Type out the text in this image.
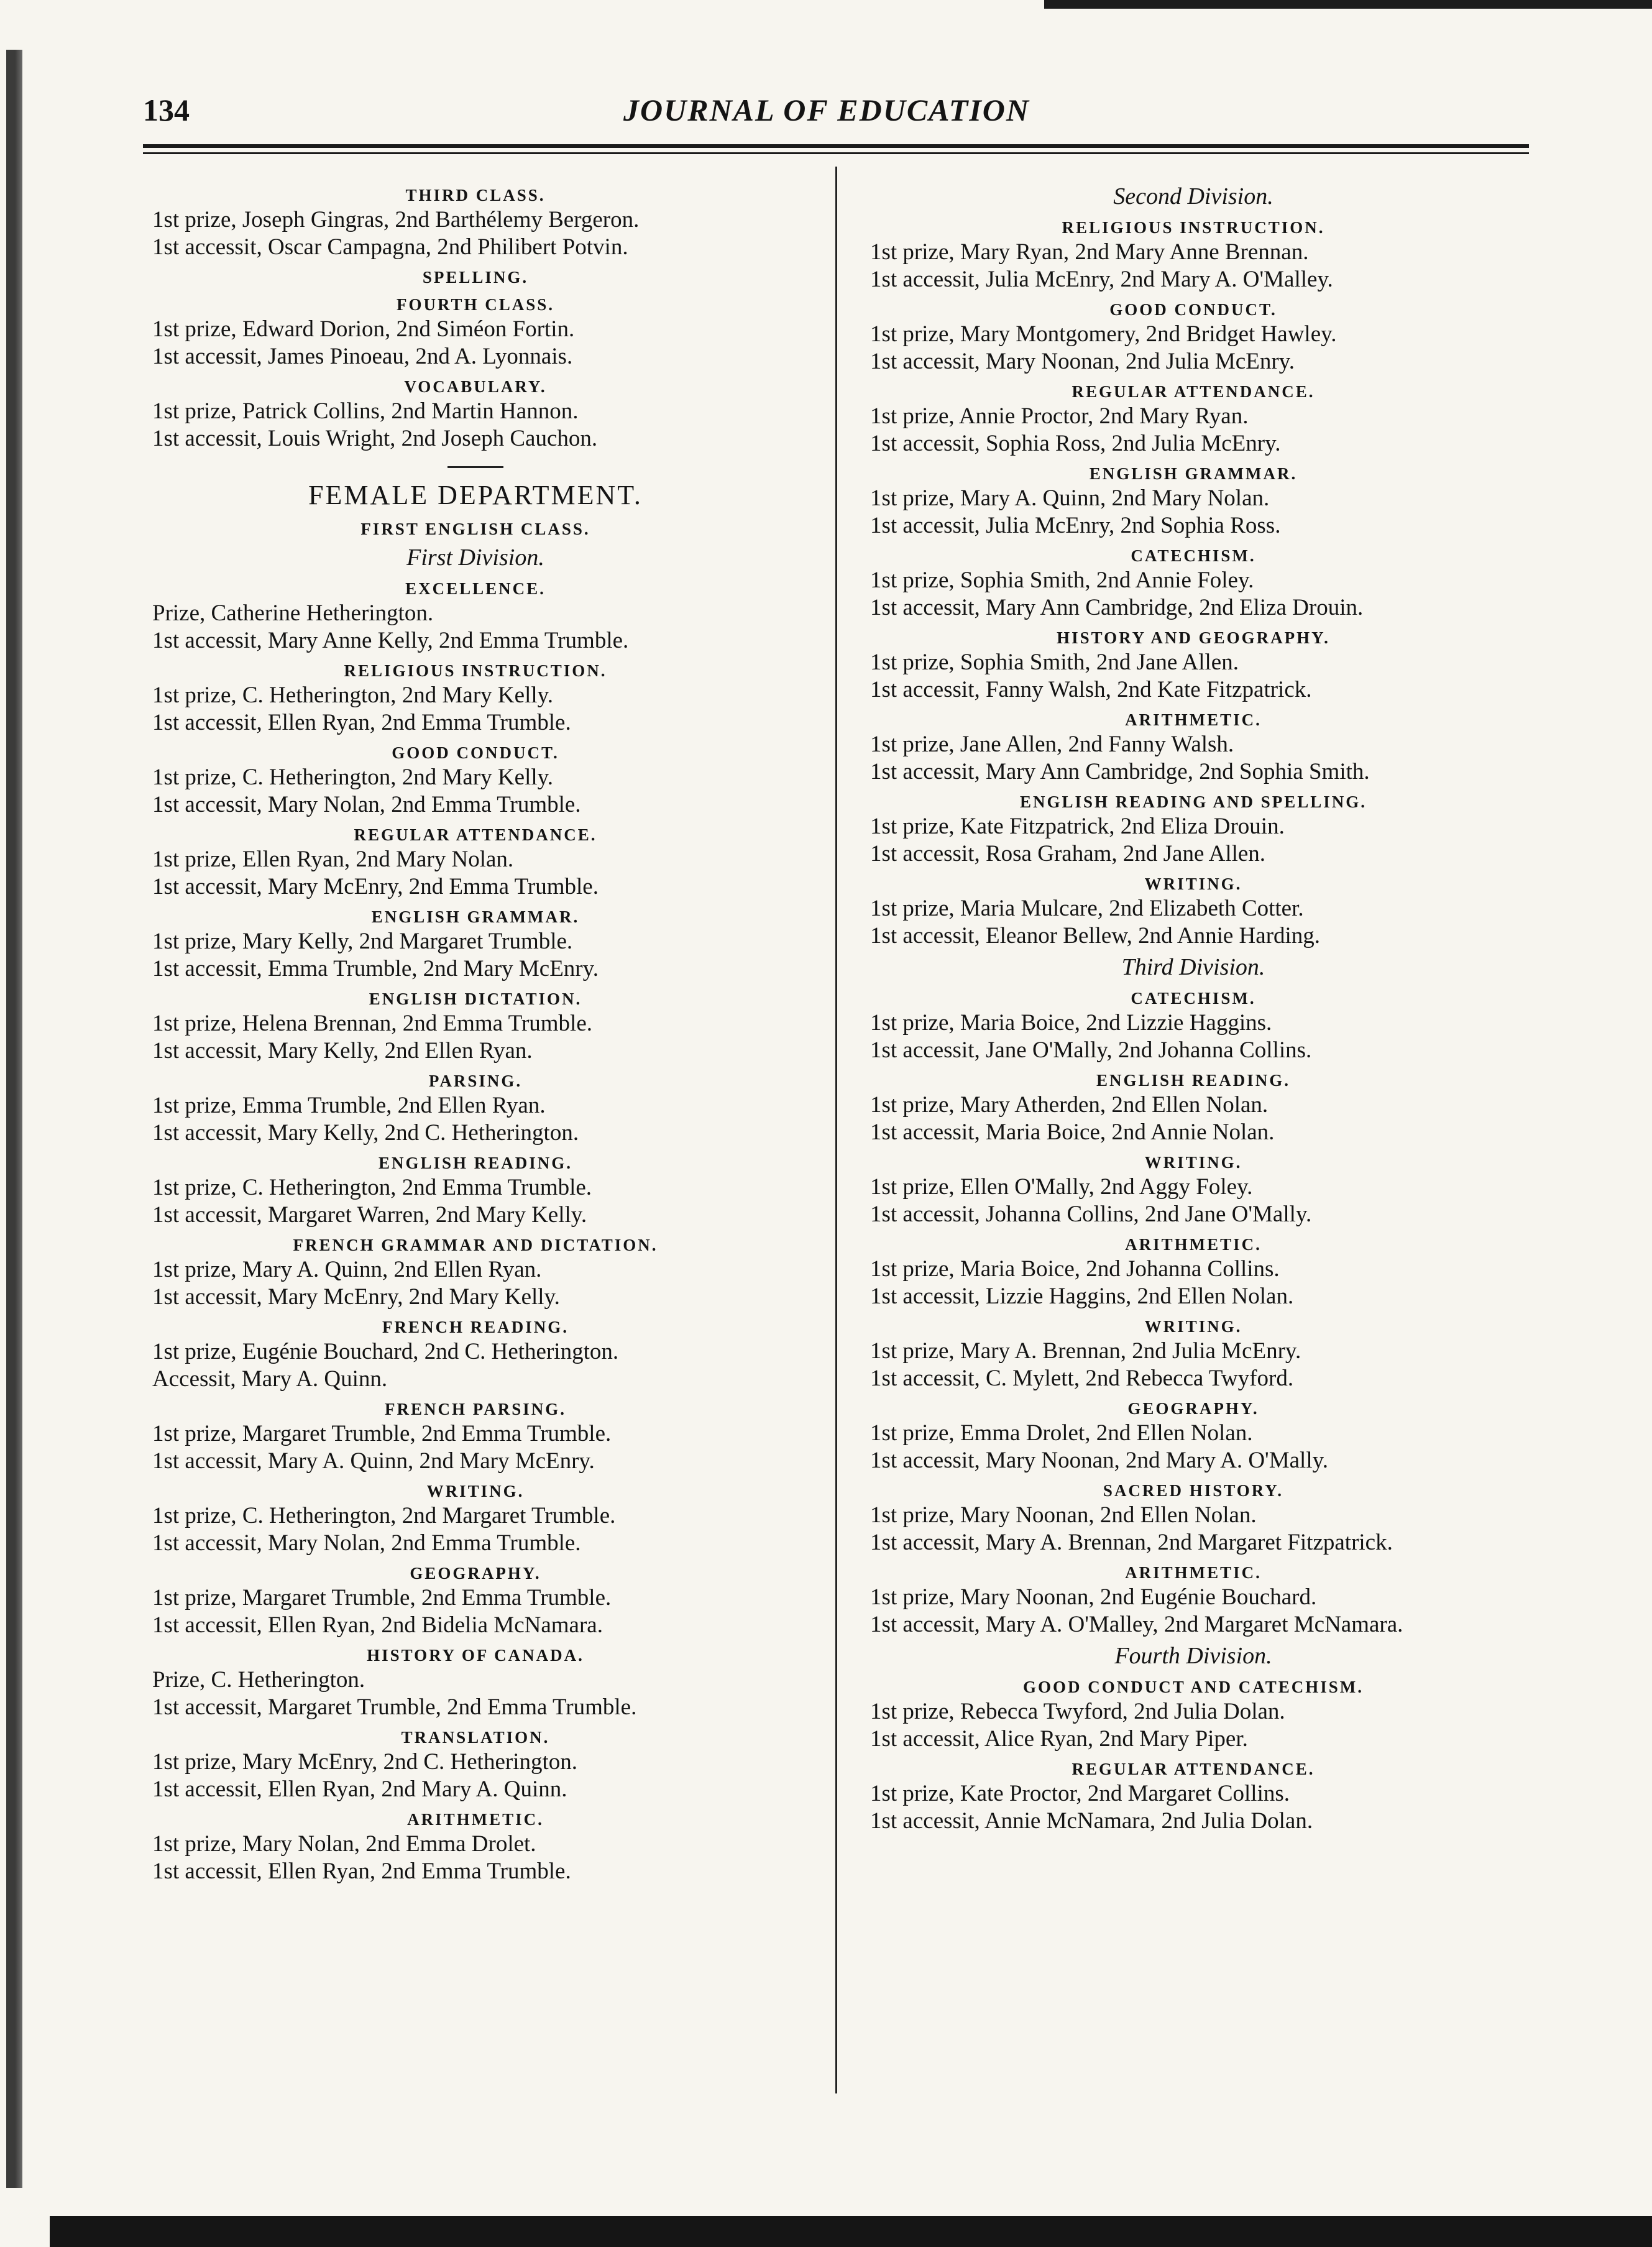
134	JOURNAL OF EDUCATION
THIRD CLASS.
1st prize, Joseph Gingras, 2nd Barthélemy Bergeron.
1st accessit, Oscar Campagna, 2nd Philibert Potvin.
SPELLING.
FOURTH CLASS.
1st prize, Edward Dorion, 2nd Siméon Fortin.
1st accessit, James Pinoeau, 2nd A. Lyonnais.
VOCABULARY.
1st prize, Patrick Collins, 2nd Martin Hannon.
1st accessit, Louis Wright, 2nd Joseph Cauchon.
FEMALE DEPARTMENT.
FIRST ENGLISH CLASS.
First Division.
EXCELLENCE.
Prize, Catherine Hetherington.
1st accessit, Mary Anne Kelly, 2nd Emma Trumble.
RELIGIOUS INSTRUCTION.
1st prize, C. Hetherington, 2nd Mary Kelly.
1st accessit, Ellen Ryan, 2nd Emma Trumble.
GOOD CONDUCT.
1st prize, C. Hetherington, 2nd Mary Kelly.
1st accessit, Mary Nolan, 2nd Emma Trumble.
REGULAR ATTENDANCE.
1st prize, Ellen Ryan, 2nd Mary Nolan.
1st accessit, Mary McEnry, 2nd Emma Trumble.
ENGLISH GRAMMAR.
1st prize, Mary Kelly, 2nd Margaret Trumble.
1st accessit, Emma Trumble, 2nd Mary McEnry.
ENGLISH DICTATION.
1st prize, Helena Brennan, 2nd Emma Trumble.
1st accessit, Mary Kelly, 2nd Ellen Ryan.
PARSING.
1st prize, Emma Trumble, 2nd Ellen Ryan.
1st accessit, Mary Kelly, 2nd C. Hetherington.
ENGLISH READING.
1st prize, C. Hetherington, 2nd Emma Trumble.
1st accessit, Margaret Warren, 2nd Mary Kelly.
FRENCH GRAMMAR AND DICTATION.
1st prize, Mary A. Quinn, 2nd Ellen Ryan.
1st accessit, Mary McEnry, 2nd Mary Kelly.
FRENCH READING.
1st prize, Eugénie Bouchard, 2nd C. Hetherington.
Accessit, Mary A. Quinn.
FRENCH PARSING.
1st prize, Margaret Trumble, 2nd Emma Trumble.
1st accessit, Mary A. Quinn, 2nd Mary McEnry.
WRITING.
1st prize, C. Hetherington, 2nd Margaret Trumble.
1st accessit, Mary Nolan, 2nd Emma Trumble.
GEOGRAPHY.
1st prize, Margaret Trumble, 2nd Emma Trumble.
1st accessit, Ellen Ryan, 2nd Bidelia McNamara.
HISTORY OF CANADA.
Prize, C. Hetherington.
1st accessit, Margaret Trumble, 2nd Emma Trumble.
TRANSLATION.
1st prize, Mary McEnry, 2nd C. Hetherington.
1st accessit, Ellen Ryan, 2nd Mary A. Quinn.
ARITHMETIC.
1st prize, Mary Nolan, 2nd Emma Drolet.
1st accessit, Ellen Ryan, 2nd Emma Trumble.
Second Division.
RELIGIOUS INSTRUCTION.
1st prize, Mary Ryan, 2nd Mary Anne Brennan.
1st accessit, Julia McEnry, 2nd Mary A. O'Malley.
GOOD CONDUCT.
1st prize, Mary Montgomery, 2nd Bridget Hawley.
1st accessit, Mary Noonan, 2nd Julia McEnry.
REGULAR ATTENDANCE.
1st prize, Annie Proctor, 2nd Mary Ryan.
1st accessit, Sophia Ross, 2nd Julia McEnry.
ENGLISH GRAMMAR.
1st prize, Mary A. Quinn, 2nd Mary Nolan.
1st accessit, Julia McEnry, 2nd Sophia Ross.
CATECHISM.
1st prize, Sophia Smith, 2nd Annie Foley.
1st accessit, Mary Ann Cambridge, 2nd Eliza Drouin.
HISTORY AND GEOGRAPHY.
1st prize, Sophia Smith, 2nd Jane Allen.
1st accessit, Fanny Walsh, 2nd Kate Fitzpatrick.
ARITHMETIC.
1st prize, Jane Allen, 2nd Fanny Walsh.
1st accessit, Mary Ann Cambridge, 2nd Sophia Smith.
ENGLISH READING AND SPELLING.
1st prize, Kate Fitzpatrick, 2nd Eliza Drouin.
1st accessit, Rosa Graham, 2nd Jane Allen.
WRITING.
1st prize, Maria Mulcare, 2nd Elizabeth Cotter.
1st accessit, Eleanor Bellew, 2nd Annie Harding.
Third Division.
CATECHISM.
1st prize, Maria Boice, 2nd Lizzie Haggins.
1st accessit, Jane O'Mally, 2nd Johanna Collins.
ENGLISH READING.
1st prize, Mary Atherden, 2nd Ellen Nolan.
1st accessit, Maria Boice, 2nd Annie Nolan.
WRITING.
1st prize, Ellen O'Mally, 2nd Aggy Foley.
1st accessit, Johanna Collins, 2nd Jane O'Mally.
ARITHMETIC.
1st prize, Maria Boice, 2nd Johanna Collins.
1st accessit, Lizzie Haggins, 2nd Ellen Nolan.
WRITING.
1st prize, Mary A. Brennan, 2nd Julia McEnry.
1st accessit, C. Mylett, 2nd Rebecca Twyford.
GEOGRAPHY.
1st prize, Emma Drolet, 2nd Ellen Nolan.
1st accessit, Mary Noonan, 2nd Mary A. O'Mally.
SACRED HISTORY.
1st prize, Mary Noonan, 2nd Ellen Nolan.
1st accessit, Mary A. Brennan, 2nd Margaret Fitzpatrick.
ARITHMETIC.
1st prize, Mary Noonan, 2nd Eugénie Bouchard.
1st accessit, Mary A. O'Malley, 2nd Margaret McNamara.
Fourth Division.
GOOD CONDUCT AND CATECHISM.
1st prize, Rebecca Twyford, 2nd Julia Dolan.
1st accessit, Alice Ryan, 2nd Mary Piper.
REGULAR ATTENDANCE.
1st prize, Kate Proctor, 2nd Margaret Collins.
1st accessit, Annie McNamara, 2nd Julia Dolan.
